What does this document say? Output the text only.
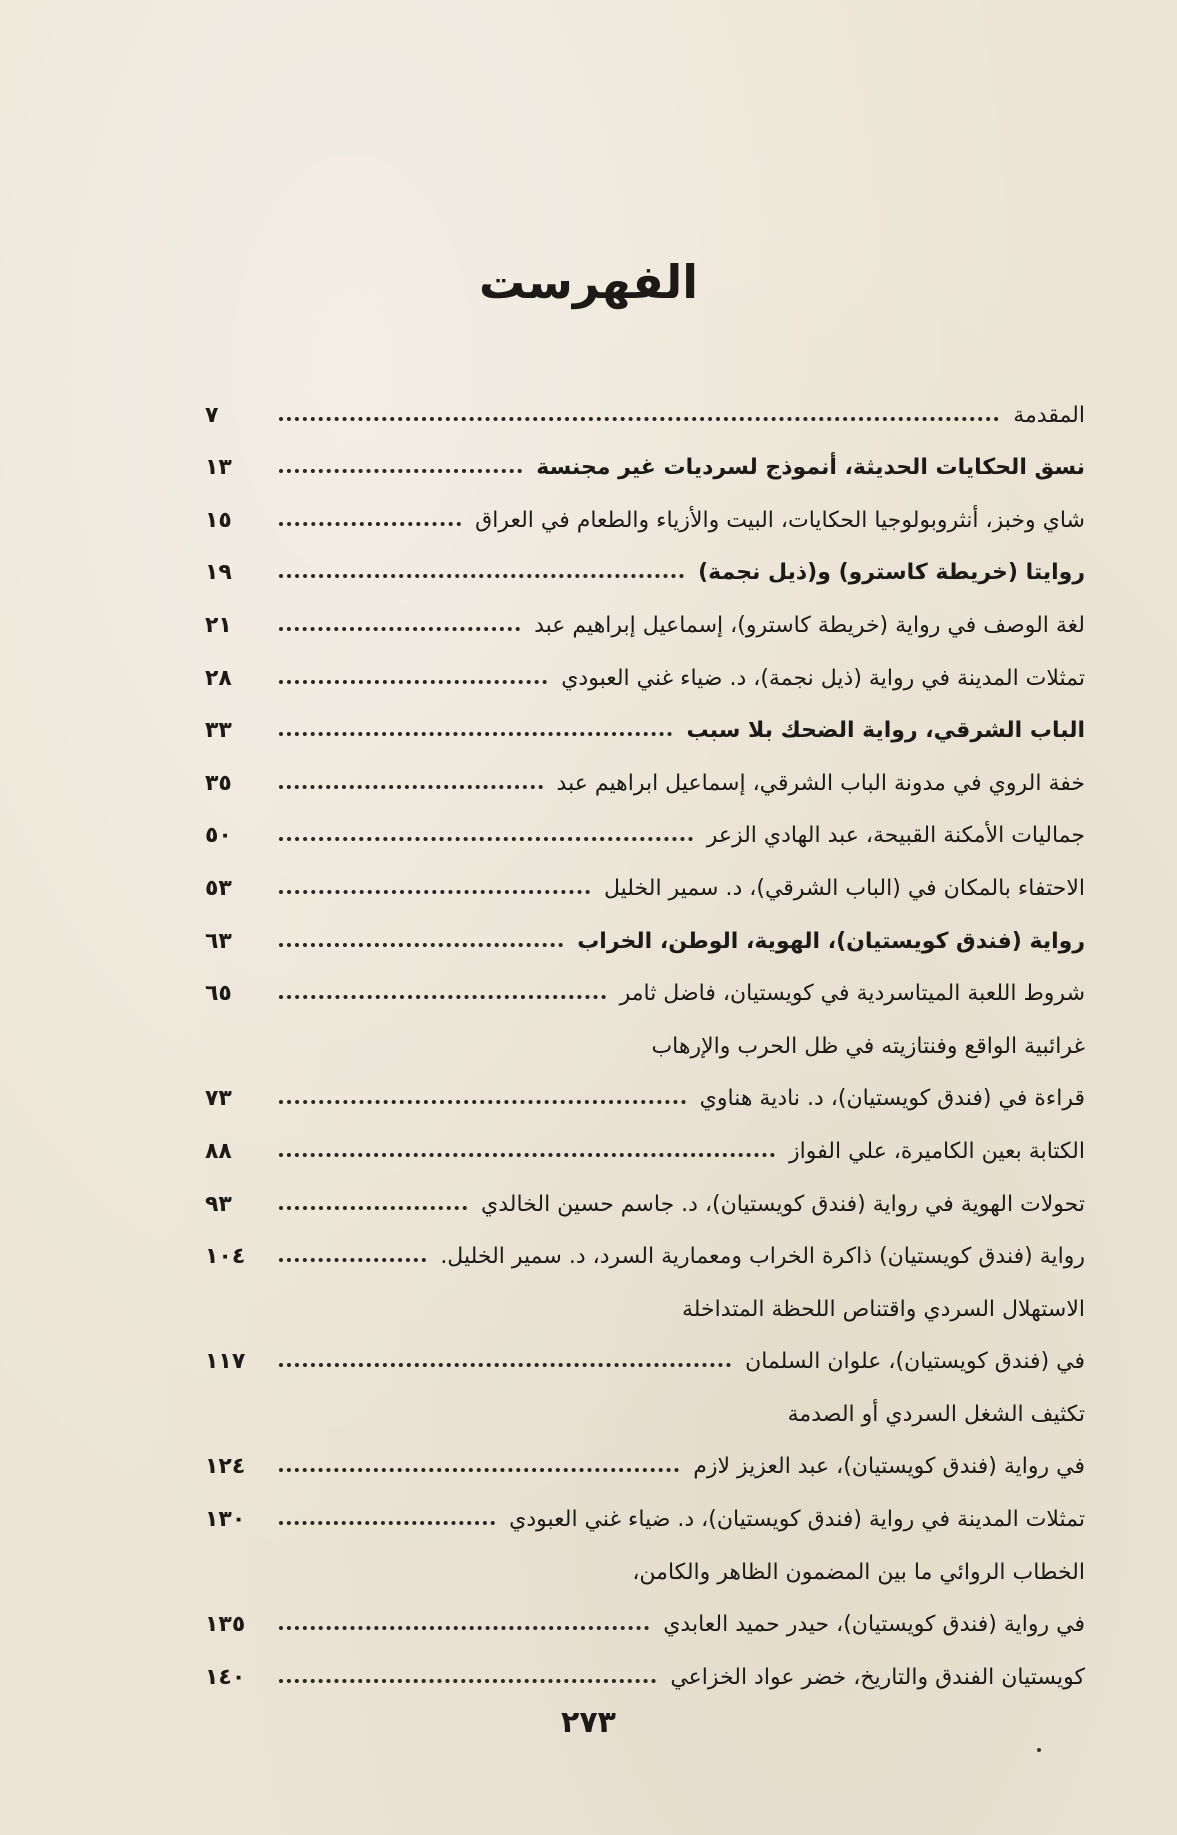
الفهرست
المقدمة
٧
نسق الحكايات الحديثة، أنموذج لسرديات غير مجنسة
١٣
شاي وخبز، أنثروبولوجيا الحكايات، البيت والأزياء والطعام في العراق
١٥
روايتا (خريطة كاسترو) و(ذيل نجمة)
١٩
لغة الوصف في رواية (خريطة كاسترو)، إسماعيل إبراهيم عبد
٢١
تمثلات المدينة في رواية (ذيل نجمة)، د. ضياء غني العبودي
٢٨
الباب الشرقي، رواية الضحك بلا سبب
٣٣
خفة الروي في مدونة الباب الشرقي، إسماعيل ابراهيم عبد
٣٥
جماليات الأمكنة القبيحة، عبد الهادي الزعر
٥٠
الاحتفاء بالمكان في (الباب الشرقي)، د. سمير الخليل
٥٣
رواية (فندق كويستيان)، الهوية، الوطن، الخراب
٦٣
شروط اللعبة الميتاسردية في كويستيان، فاضل ثامر
٦٥
غرائبية الواقع وفنتازيته في ظل الحرب والإرهاب
قراءة في (فندق كويستيان)، د. نادية هناوي
٧٣
الكتابة بعين الكاميرة، علي الفواز
٨٨
تحولات الهوية في رواية (فندق كويستيان)، د. جاسم حسين الخالدي
٩٣
رواية (فندق كويستيان) ذاكرة الخراب ومعمارية السرد، د. سمير الخليل.
١٠٤
الاستهلال السردي واقتناص اللحظة المتداخلة
في (فندق كويستيان)، علوان السلمان
١١٧
تكثيف الشغل السردي أو الصدمة
في رواية (فندق كويستيان)، عبد العزيز لازم
١٢٤
تمثلات المدينة في رواية (فندق كويستيان)، د. ضياء غني العبودي
١٣٠
الخطاب الروائي ما بين المضمون الظاهر والكامن،
في رواية (فندق كويستيان)، حيدر حميد العابدي
١٣٥
كويستيان الفندق والتاريخ، خضر عواد الخزاعي
١٤٠
٢٧٣
